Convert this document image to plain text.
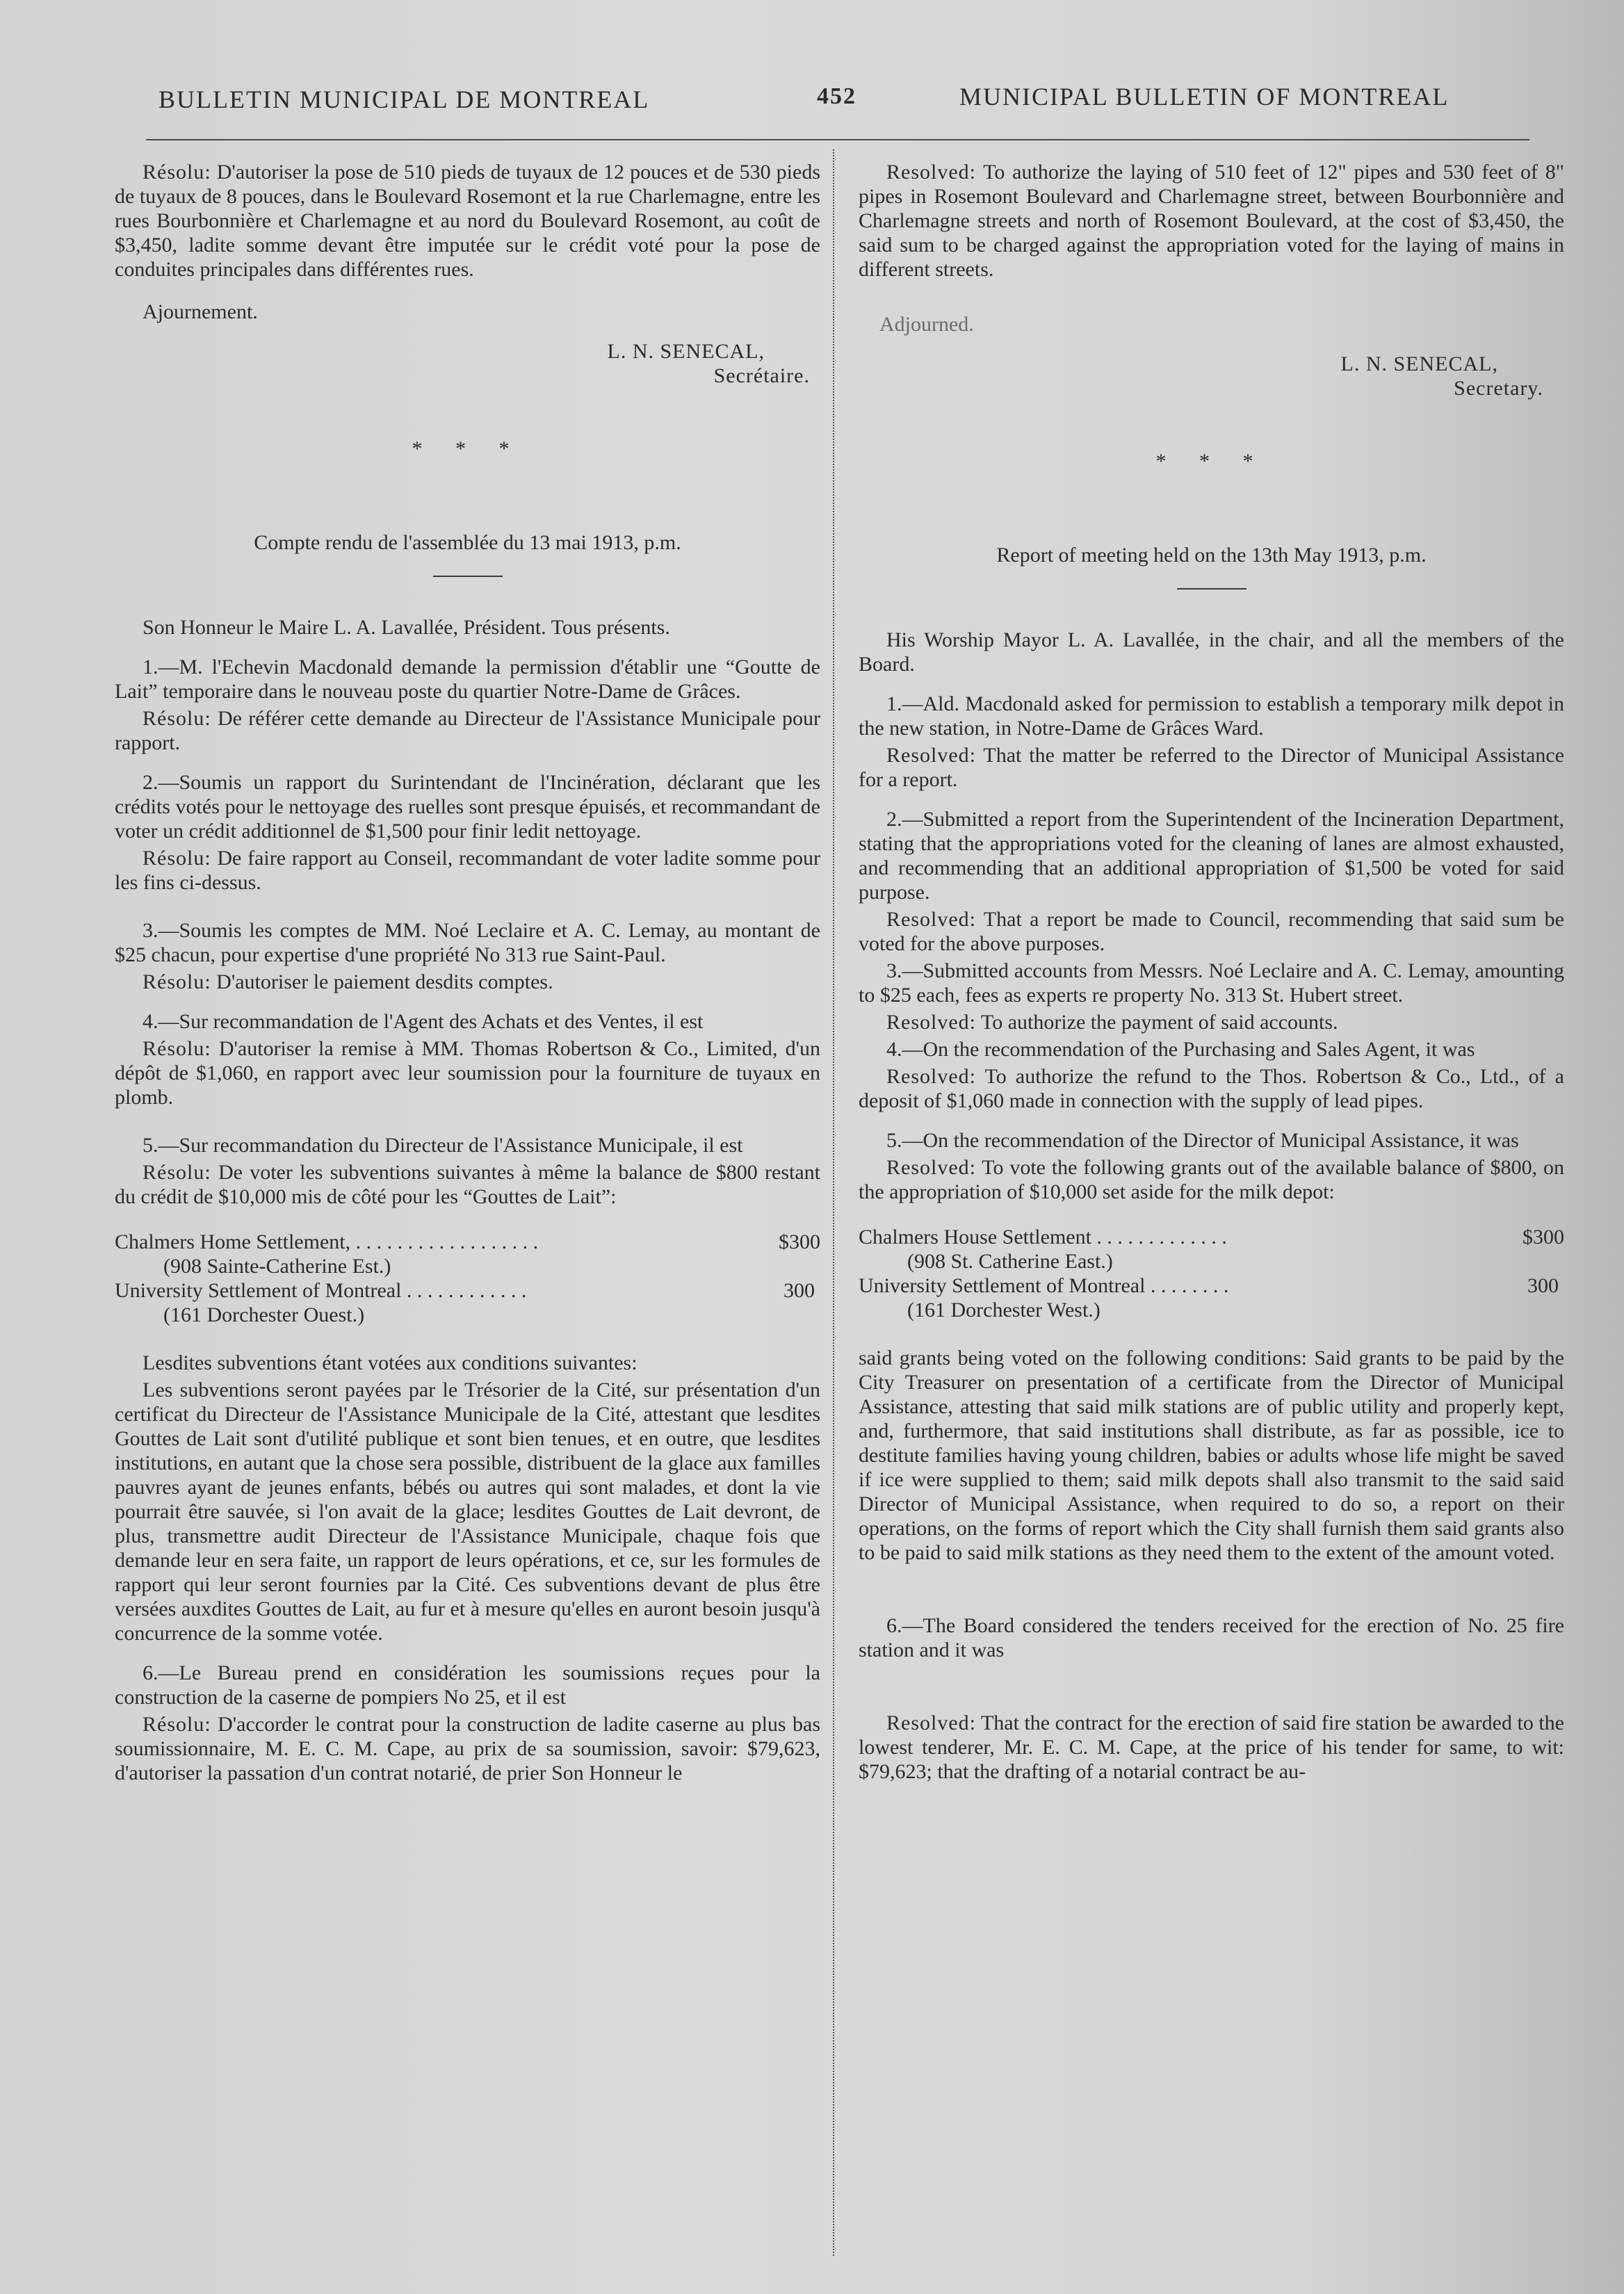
BULLETIN MUNICIPAL DE MONTREAL	452	MUNICIPAL BULLETIN OF MONTREAL

Résolu: D'autoriser la pose de 510 pieds de tuyaux de 12 pouces et de 530 pieds de tuyaux de 8 pouces, dans le Boulevard Rosemont et la rue Charlemagne, entre les rues Bourbonnière et Charlemagne et au nord du Boulevard Rosemont, au coût de $3,450, ladite somme devant être imputée sur le crédit voté pour la pose de conduites principales dans différentes rues.

Ajournement.

L. N. SENECAL,

Secrétaire.

* * *

Compte rendu de l'assemblée du 13 mai 1913, p.m.

Son Honneur le Maire L. A. Lavallée, Président. Tous présents.

1.—M. l'Echevin Macdonald demande la permission d'établir une “Goutte de Lait” temporaire dans le nouveau poste du quartier Notre-Dame de Grâces.

Résolu: De référer cette demande au Directeur de l'Assistance Municipale pour rapport.

2.—Soumis un rapport du Surintendant de l'Incinération, déclarant que les crédits votés pour le nettoyage des ruelles sont presque épuisés, et recommandant de voter un crédit additionnel de $1,500 pour finir ledit nettoyage.

Résolu: De faire rapport au Conseil, recommandant de voter ladite somme pour les fins ci-dessus.

3.—Soumis les comptes de MM. Noé Leclaire et A. C. Lemay, au montant de $25 chacun, pour expertise d'une propriété No 313 rue Saint-Paul.

Résolu: D'autoriser le paiement desdits comptes.

4.—Sur recommandation de l'Agent des Achats et des Ventes, il est

Résolu: D'autoriser la remise à MM. Thomas Robertson & Co., Limited, d'un dépôt de $1,060, en rapport avec leur soumission pour la fourniture de tuyaux en plomb.

5.—Sur recommandation du Directeur de l'Assistance Municipale, il est

Résolu: De voter les subventions suivantes à même la balance de $800 restant du crédit de $10,000 mis de côté pour les “Gouttes de Lait”:

Chalmers Home Settlement, . . . . . . . . . . . . . . . . . .	$300
(908 Sainte-Catherine Est.)
University Settlement of Montreal . . . . . . . . . . . .	300
(161 Dorchester Ouest.)

Lesdites subventions étant votées aux conditions suivantes:

Les subventions seront payées par le Trésorier de la Cité, sur présentation d'un certificat du Directeur de l'Assistance Municipale de la Cité, attestant que lesdites Gouttes de Lait sont d'utilité publique et sont bien tenues, et en outre, que lesdites institutions, en autant que la chose sera possible, distribuent de la glace aux familles pauvres ayant de jeunes enfants, bébés ou autres qui sont malades, et dont la vie pourrait être sauvée, si l'on avait de la glace; lesdites Gouttes de Lait devront, de plus, transmettre audit Directeur de l'Assistance Municipale, chaque fois que demande leur en sera faite, un rapport de leurs opérations, et ce, sur les formules de rapport qui leur seront fournies par la Cité. Ces subventions devant de plus être versées auxdites Gouttes de Lait, au fur et à mesure qu'elles en auront besoin jusqu'à concurrence de la somme votée.

6.—Le Bureau prend en considération les soumissions reçues pour la construction de la caserne de pompiers No 25, et il est

Résolu: D'accorder le contrat pour la construction de ladite caserne au plus bas soumissionnaire, M. E. C. M. Cape, au prix de sa soumission, savoir: $79,623, d'autoriser la passation d'un contrat notarié, de prier Son Honneur le

Resolved: To authorize the laying of 510 feet of 12" pipes and 530 feet of 8" pipes in Rosemont Boulevard and Charlemagne street, between Bourbonnière and Charlemagne streets and north of Rosemont Boulevard, at the cost of $3,450, the said sum to be charged against the appropriation voted for the laying of mains in different streets.

Adjourned.

L. N. SENECAL,

Secretary.

* * *

Report of meeting held on the 13th May 1913, p.m.

His Worship Mayor L. A. Lavallée, in the chair, and all the members of the Board.

1.—Ald. Macdonald asked for permission to establish a temporary milk depot in the new station, in Notre-Dame de Grâces Ward.

Resolved: That the matter be referred to the Director of Municipal Assistance for a report.

2.—Submitted a report from the Superintendent of the Incineration Department, stating that the appropriations voted for the cleaning of lanes are almost exhausted, and recommending that an additional appropriation of $1,500 be voted for said purpose.

Resolved: That a report be made to Council, recommending that said sum be voted for the above purposes.

3.—Submitted accounts from Messrs. Noé Leclaire and A. C. Lemay, amounting to $25 each, fees as experts re property No. 313 St. Hubert street.

Resolved: To authorize the payment of said accounts.

4.—On the recommendation of the Purchasing and Sales Agent, it was

Resolved: To authorize the refund to the Thos. Robertson & Co., Ltd., of a deposit of $1,060 made in connection with the supply of lead pipes.

5.—On the recommendation of the Director of Municipal Assistance, it was

Resolved: To vote the following grants out of the available balance of $800, on the appropriation of $10,000 set aside for the milk depot:

Chalmers House Settlement . . . . . . . . . . . . .	$300
(908 St. Catherine East.)
University Settlement of Montreal . . . . . . . .	300
(161 Dorchester West.)

said grants being voted on the following conditions: Said grants to be paid by the City Treasurer on presentation of a certificate from the Director of Municipal Assistance, attesting that said milk stations are of public utility and properly kept, and, furthermore, that said institutions shall distribute, as far as possible, ice to destitute families having young children, babies or adults whose life might be saved if ice were supplied to them; said milk depots shall also transmit to the said said Director of Municipal Assistance, when required to do so, a report on their operations, on the forms of report which the City shall furnish them said grants also to be paid to said milk stations as they need them to the extent of the amount voted.

6.—The Board considered the tenders received for the erection of No. 25 fire station and it was

Resolved: That the contract for the erection of said fire station be awarded to the lowest tenderer, Mr. E. C. M. Cape, at the price of his tender for same, to wit: $79,623; that the drafting of a notarial contract be au-
